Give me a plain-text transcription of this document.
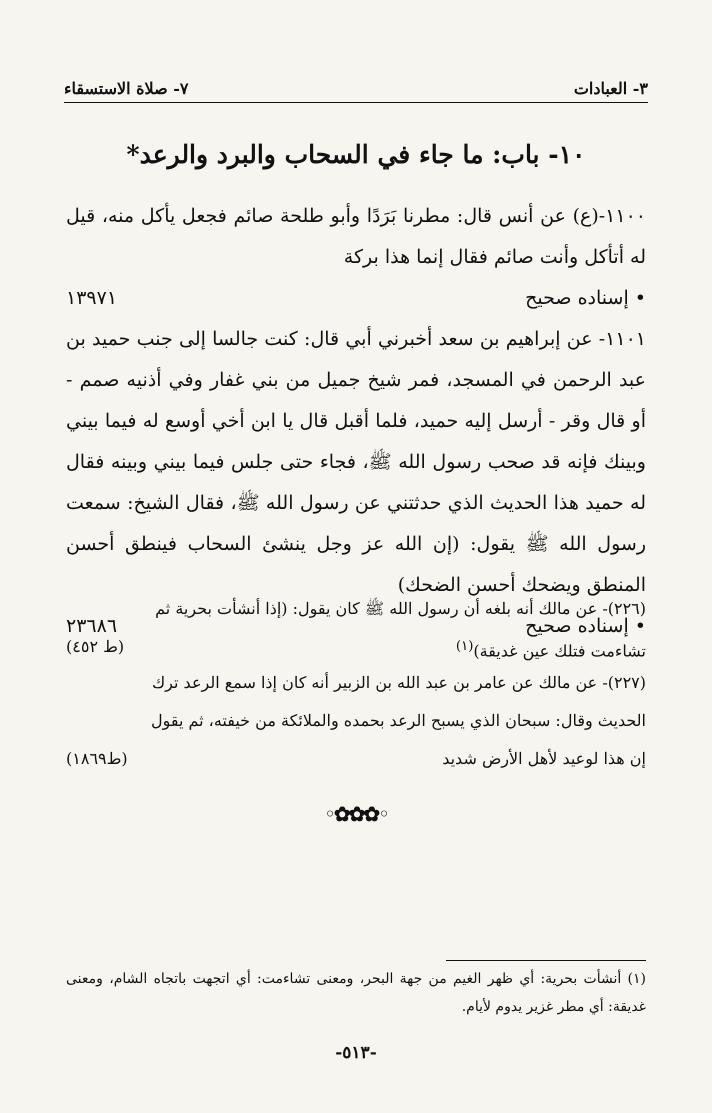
٣- العبادات
٧- صلاة الاستسقاء
١٠- باب: ما جاء في السحاب والبرد والرعد*
١١٠٠-(ع) عن أنس قال: مطرنا بَرَدًا وأبو طلحة صائم فجعل يأكل منه، قيل له أتأكل وأنت صائم فقال إنما هذا بركة
• إسناده صحيح
١٣٩٧١
١١٠١- عن إبراهيم بن سعد أخبرني أبي قال: كنت جالسا إلى جنب حميد بن عبد الرحمن في المسجد، فمر شيخ جميل من بني غفار وفي أذنيه صمم - أو قال وقر - أرسل إليه حميد، فلما أقبل قال يا ابن أخي أوسع له فيما بيني وبينك فإنه قد صحب رسول الله ﷺ، فجاء حتى جلس فيما بيني وبينه فقال له حميد هذا الحديث الذي حدثتني عن رسول الله ﷺ، فقال الشيخ: سمعت رسول الله ﷺ يقول: (إن الله عز وجل ينشئ السحاب فينطق أحسن المنطق ويضحك أحسن الضحك)
• إسناده صحيح
٢٣٦٨٦
(٢٢٦)- عن مالك أنه بلغه أن رسول الله ﷺ كان يقول: (إذا أنشأت بحرية ثم
تشاءمت فتلك عين غديقة)$^{(١)}$
(ط ٤٥٢)
(٢٢٧)- عن مالك عن عامر بن عبد الله بن الزبير أنه كان إذا سمع الرعد ترك
الحديث وقال: سبحان الذي يسبح الرعد بحمده والملائكة من خيفته، ثم يقول
إن هذا لوعيد لأهل الأرض شديد
(ط١٨٦٩)
◦✿✿✿◦
(١) أنشأت بحرية: أي ظهر الغيم من جهة البحر، ومعنى تشاءمت: أي اتجهت باتجاه الشام، ومعنى غديقة: أي مطر غزير يدوم لأيام.
-٥١٣-
